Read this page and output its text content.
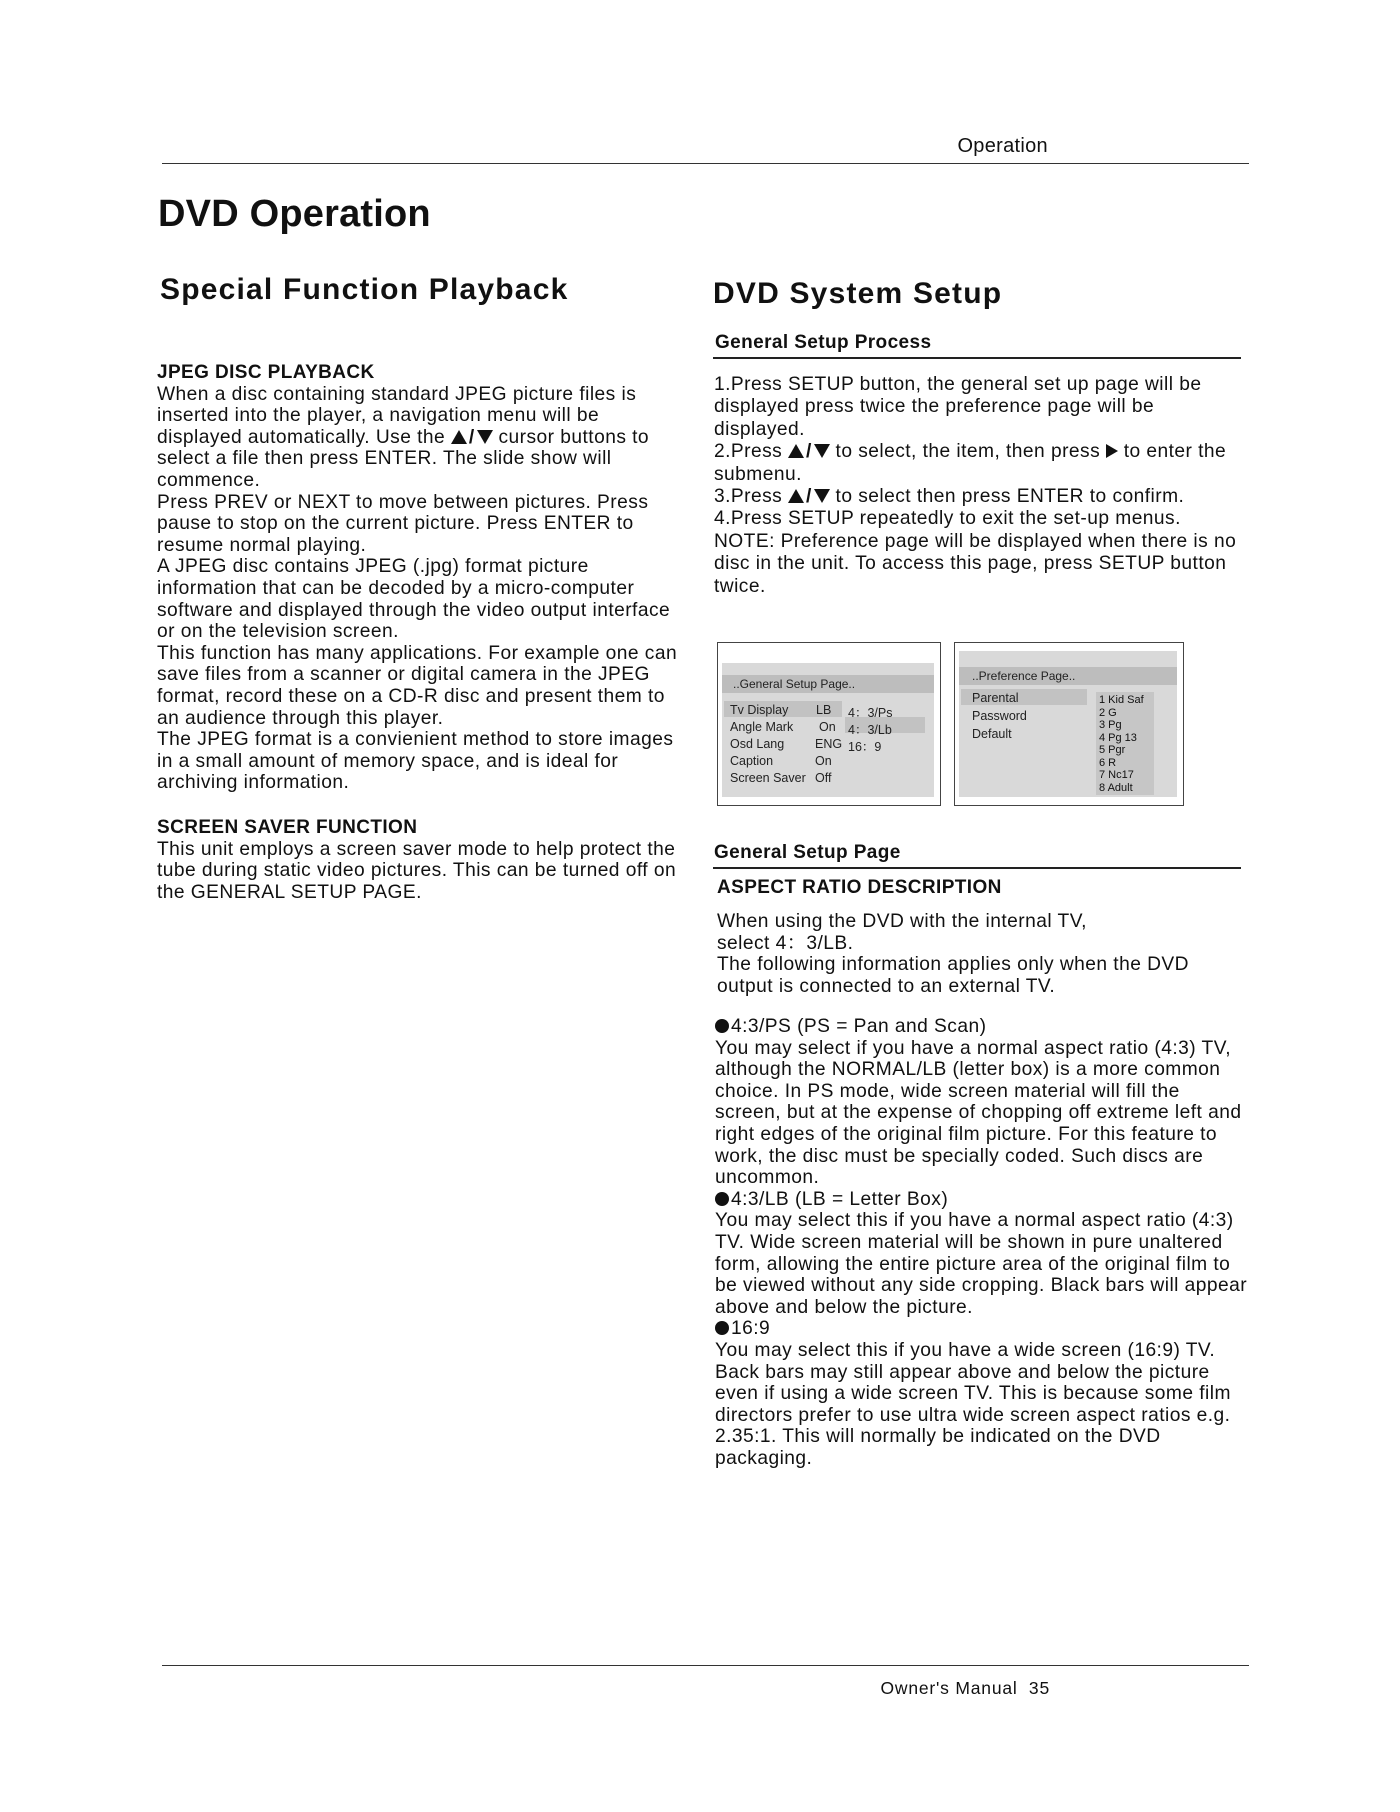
Operation
DVD Operation
Special Function Playback
JPEG DISC PLAYBACK

When a disc containing standard JPEG picture files is inserted into the player, a navigation menu will be displayed automatically. Use the / cursor buttons to select a file then press ENTER. The slide show will commence.

Press PREV or NEXT to move between pictures. Press pause to stop on the current picture. Press ENTER to resume normal playing.

A JPEG disc contains JPEG (.jpg) format picture information that can be decoded by a micro-computer software and displayed through the video output interface or on the television screen.

This function has many applications. For example one can save files from a scanner or digital camera in the JPEG format, record these on a CD-R disc and present them to an audience through this player.

The JPEG format is a convienient method to store images in a small amount of memory space, and is ideal for archiving information.

SCREEN SAVER FUNCTION

This unit employs a screen saver mode to help protect the tube during static video pictures. This can be turned off on the GENERAL SETUP PAGE.

DVD System Setup
General Setup Process

1.Press SETUP button, the general set up page will be displayed press twice the preference page will be displayed.

2.Press / to select, the item, then press to enter the submenu.

3.Press / to select then press ENTER to confirm.

4.Press SETUP repeatedly to exit the set-up menus.

NOTE: Preference page will be displayed when there is no disc in the unit. To access this page, press SETUP button twice.

..General Setup Page..
Tv Display LB 4：3/Ps
Angle Mark On 4：3/Lb
Osd Lang ENG 16：9
Caption	On
Screen Saver Off
..Preference Page..
Parental
Password
Default
1 Kid Saf
2 G
3 Pg
4 Pg 13
5 Pgr
6 R
7 Nc17
8 Adult
General Setup Page
ASPECT RATIO DESCRIPTION

When using the DVD with the internal TV,

select 4：3/LB.

The following information applies only when the DVD output is connected to an external TV.

4:3/PS (PS = Pan and Scan)

You may select if you have a normal aspect ratio (4:3) TV, although the NORMAL/LB (letter box) is a more common choice. In PS mode, wide screen material will fill the screen, but at the expense of chopping off extreme left and right edges of the original film picture. For this feature to work, the disc must be specially coded. Such discs are uncommon.

4:3/LB (LB = Letter Box)

You may select this if you have a normal aspect ratio (4:3) TV. Wide screen material will be shown in pure unaltered form, allowing the entire picture area of the original film to be viewed without any side cropping. Black bars will appear above and below the picture.

16:9

You may select this if you have a wide screen (16:9) TV. Back bars may still appear above and below the picture even if using a wide screen TV. This is because some film directors prefer to use ultra wide screen aspect ratios e.g. 2.35:1. This will normally be indicated on the DVD packaging.

Owner's Manual 35
